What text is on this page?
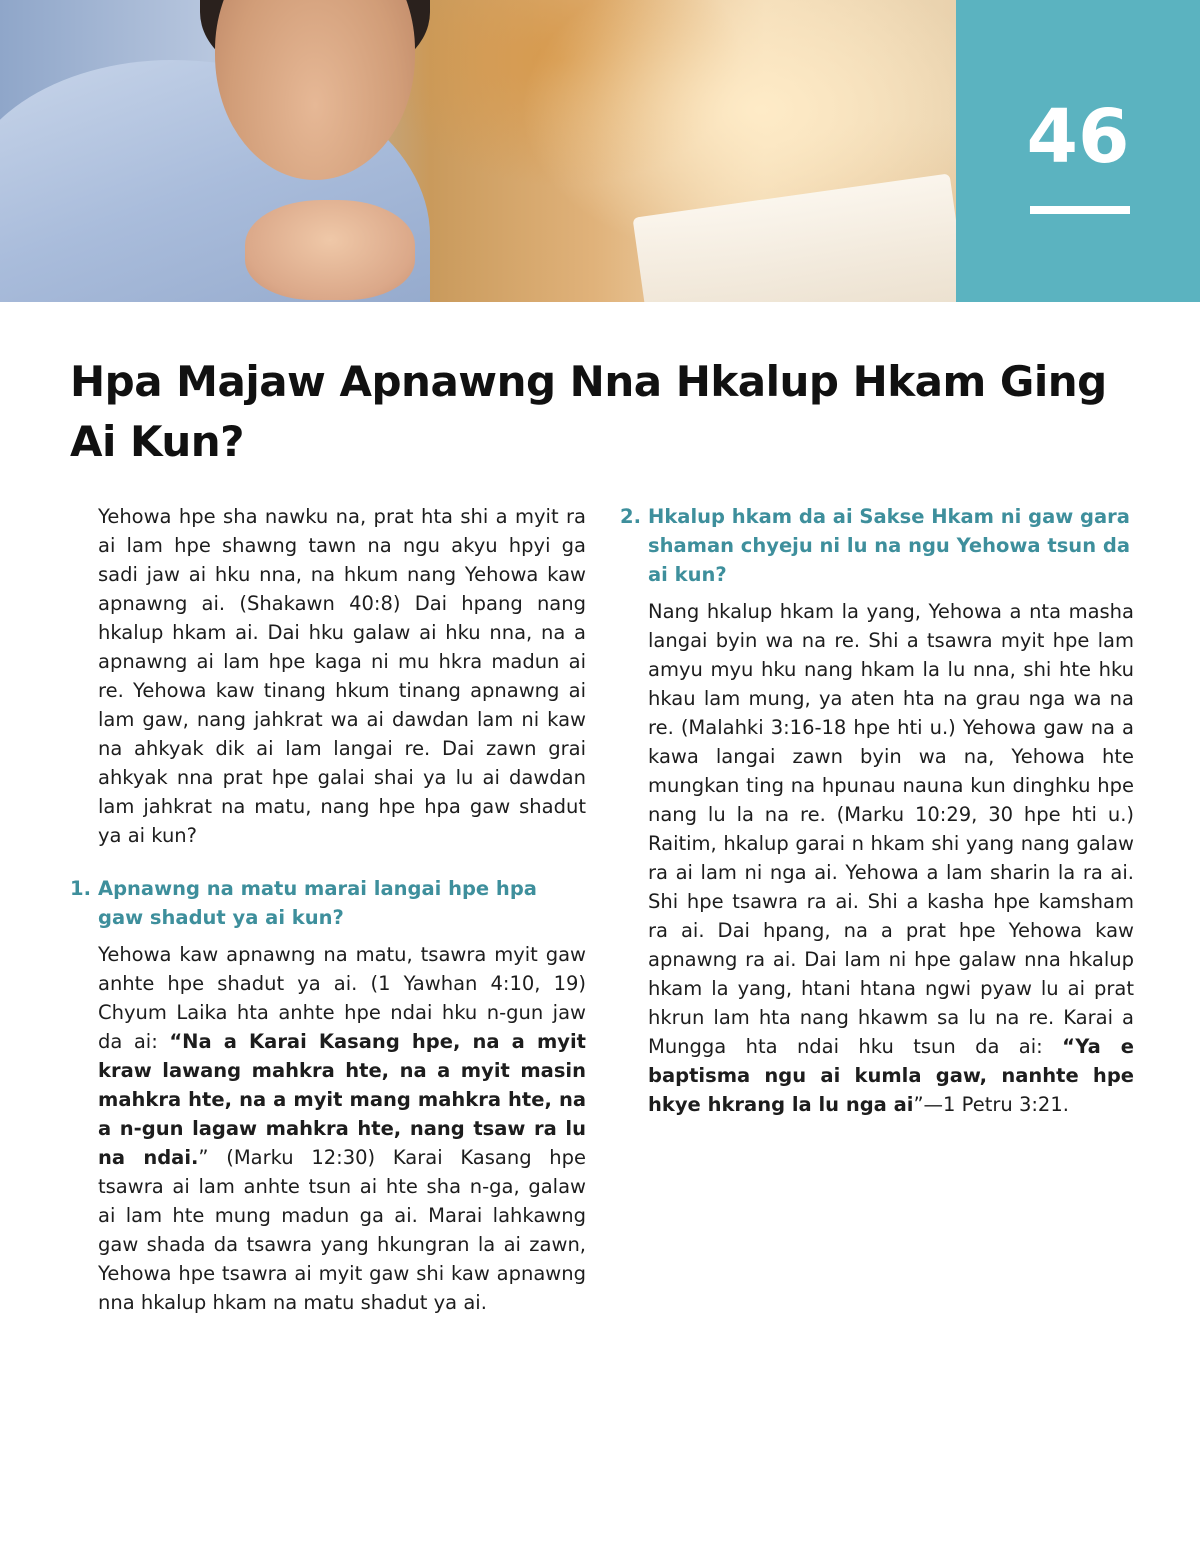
46
Hpa Majaw Apnawng Nna Hkalup Hkam Ging Ai Kun?

Yehowa hpe sha nawku na, prat hta shi a myit ra ai lam hpe shawng tawn na ngu akyu hpyi ga sadi jaw ai hku nna, na hkum nang Yehowa kaw apnawng ai. (Shakawn 40:8) Dai hpang nang hkalup hkam ai. Dai hku galaw ai hku nna, na a apnawng ai lam hpe kaga ni mu hkra madun ai re. Yehowa kaw tinang hkum tinang apnawng ai lam gaw, nang jahkrat wa ai dawdan lam ni kaw na ahkyak dik ai lam langai re. Dai zawn grai ahkyak nna prat hpe galai shai ya lu ai dawdan lam jahkrat na matu, nang hpe hpa gaw shadut ya ai kun?

1. Apnawng na matu marai langai hpe hpa gaw shadut ya ai kun?

Yehowa kaw apnawng na matu, tsawra myit gaw anhte hpe shadut ya ai. (1 Yawhan 4:10, 19) Chyum Laika hta anhte hpe ndai hku n-gun jaw da ai: “Na a Karai Kasang hpe, na a myit kraw lawang mahkra hte, na a myit masin mahkra hte, na a myit mang mahkra hte, na a n-gun lagaw mahkra hte, nang tsaw ra lu na ndai.” (Marku 12:30) Karai Kasang hpe tsawra ai lam anhte tsun ai hte sha n-ga, galaw ai lam hte mung madun ga ai. Marai lahkawng gaw shada da tsawra yang hkungran la ai zawn, Yehowa hpe tsawra ai myit gaw shi kaw apnawng nna hkalup hkam na matu shadut ya ai.

2. Hkalup hkam da ai Sakse Hkam ni gaw gara shaman chyeju ni lu na ngu Yehowa tsun da ai kun?

Nang hkalup hkam la yang, Yehowa a nta masha langai byin wa na re. Shi a tsawra myit hpe lam amyu myu hku nang hkam la lu nna, shi hte hku hkau lam mung, ya aten hta na grau nga wa na re. (Malahki 3:16-18 hpe hti u.) Yehowa gaw na a kawa langai zawn byin wa na, Yehowa hte mungkan ting na hpunau nauna kun dinghku hpe nang lu la na re. (Marku 10:29, 30 hpe hti u.) Raitim, hkalup garai n hkam shi yang nang galaw ra ai lam ni nga ai. Yehowa a lam sharin la ra ai. Shi hpe tsawra ra ai. Shi a kasha hpe kamsham ra ai. Dai hpang, na a prat hpe Yehowa kaw apnawng ra ai. Dai lam ni hpe galaw nna hkalup hkam la yang, htani htana ngwi pyaw lu ai prat hkrun lam hta nang hkawm sa lu na re. Karai a Mungga hta ndai hku tsun da ai: “Ya e baptisma ngu ai kumla gaw, nanhte hpe hkye hkrang la lu nga ai”—1 Petru 3:21.
